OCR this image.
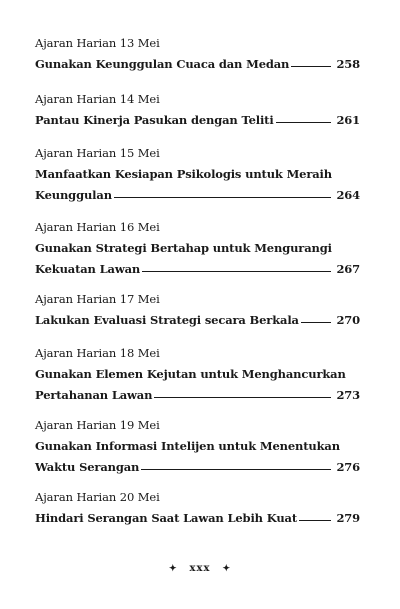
Ajaran Harian 13 Mei
Gunakan Keunggulan Cuaca dan Medan	258
Ajaran Harian 14 Mei
Pantau Kinerja Pasukan dengan Teliti	261
Ajaran Harian 15 Mei
Manfaatkan Kesiapan Psikologis untuk Meraih
Keunggulan	264
Ajaran Harian 16 Mei
Gunakan Strategi Bertahap untuk Mengurangi
Kekuatan Lawan	267
Ajaran Harian 17 Mei
Lakukan Evaluasi Strategi secara Berkala	270
Ajaran Harian 18 Mei
Gunakan Elemen Kejutan untuk Menghancurkan
Pertahanan Lawan	273
Ajaran Harian 19 Mei
Gunakan Informasi Intelijen untuk Menentukan
Waktu Serangan	276
Ajaran Harian 20 Mei
Hindari Serangan Saat Lawan Lebih Kuat	279
✦ xxx ✦
